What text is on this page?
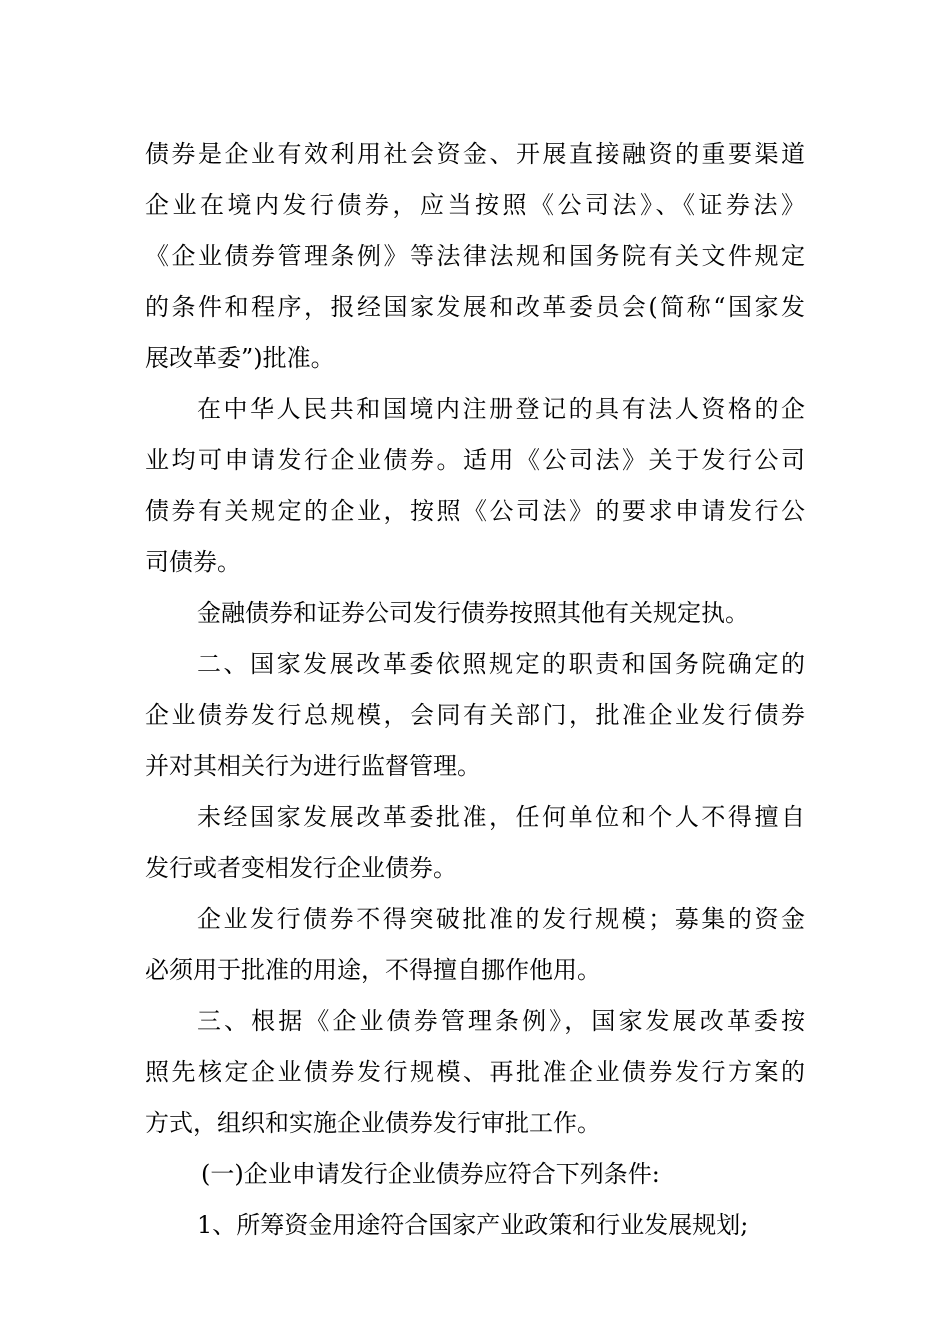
债券是企业有效利用社会资金、开展直接融资的重要渠道
企业在境内发行债券，应当按照《公司法》、《证券法》
《企业债券管理条例》等法律法规和国务院有关文件规定
的条件和程序，报经国家发展和改革委员会(简称“国家发
展改革委”)批准。
在中华人民共和国境内注册登记的具有法人资格的企
业均可申请发行企业债券。适用《公司法》关于发行公司
债券有关规定的企业，按照《公司法》的要求申请发行公
司债券。
金融债券和证券公司发行债券按照其他有关规定执。
二、国家发展改革委依照规定的职责和国务院确定的
企业债券发行总规模，会同有关部门，批准企业发行债券
并对其相关行为进行监督管理。
未经国家发展改革委批准，任何单位和个人不得擅自
发行或者变相发行企业债券。
企业发行债券不得突破批准的发行规模；募集的资金
必须用于批准的用途，不得擅自挪作他用。
三、根据《企业债券管理条例》，国家发展改革委按
照先核定企业债券发行规模、再批准企业债券发行方案的
方式，组织和实施企业债券发行审批工作。
(一)企业申请发行企业债券应符合下列条件:
1、所筹资金用途符合国家产业政策和行业发展规划;
